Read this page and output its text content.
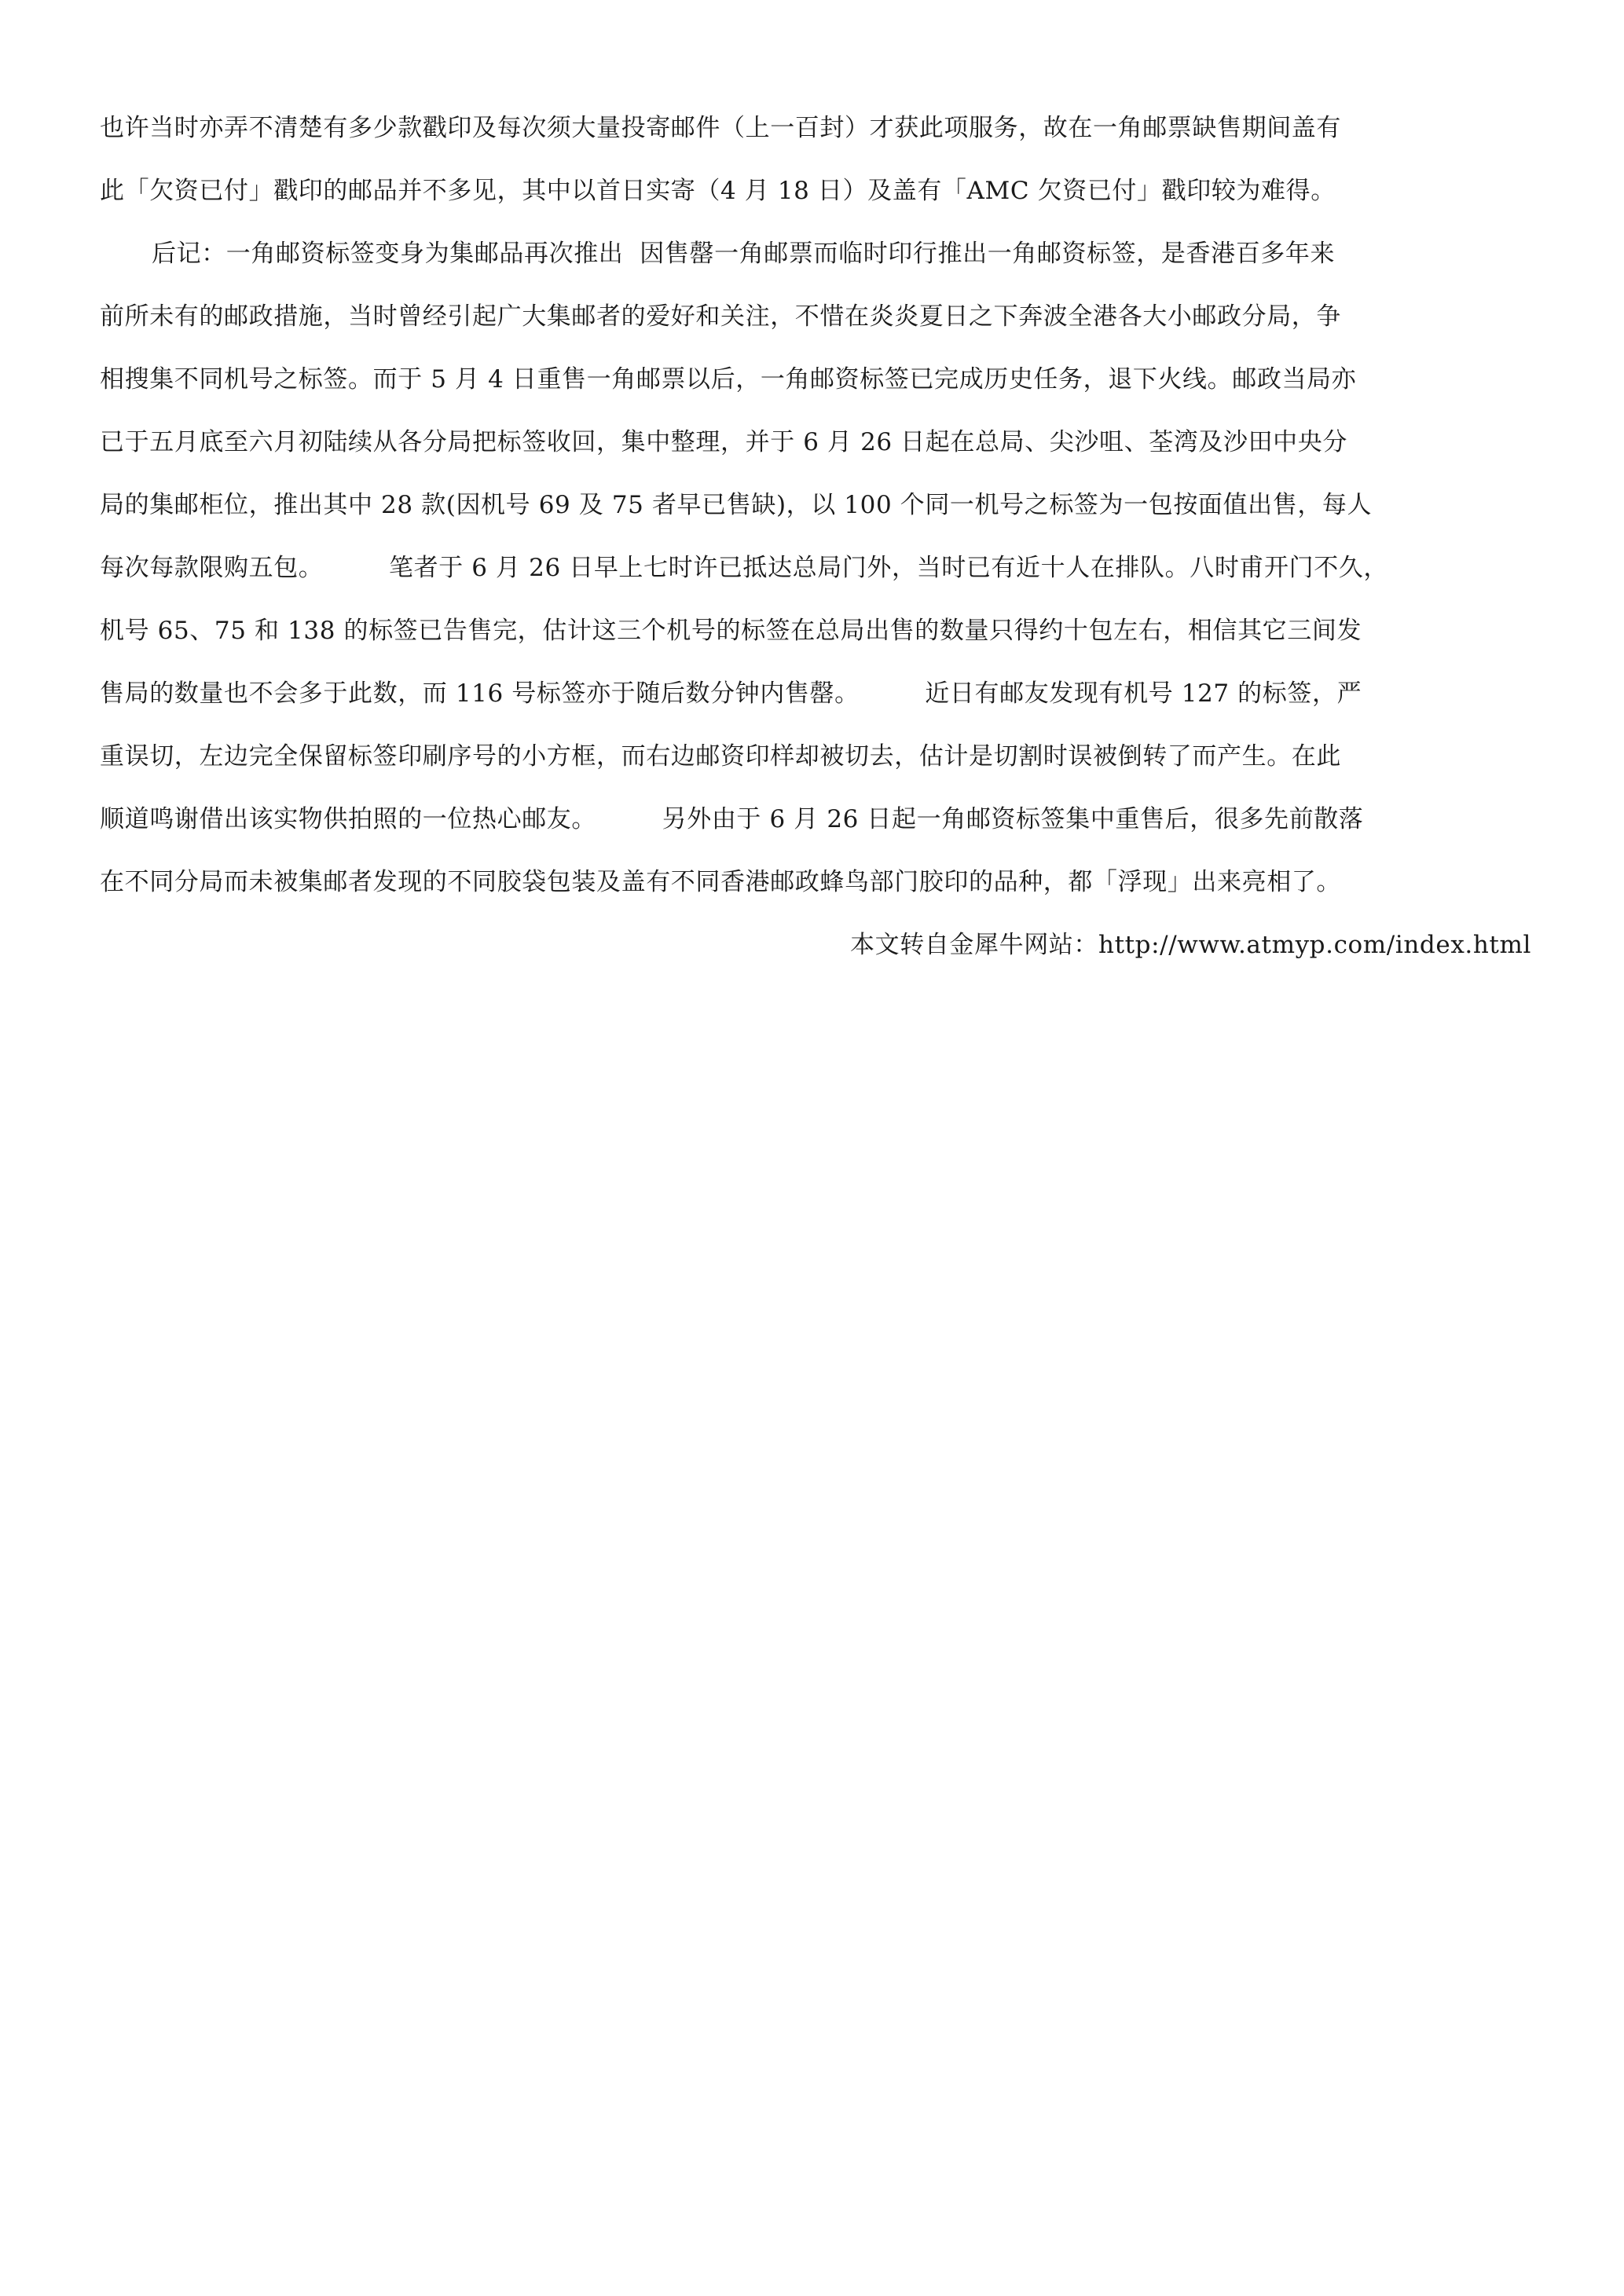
也许当时亦弄不清楚有多少款戳印及每次须大量投寄邮件（上一百封）才获此项服务，故在一角邮票缺售期间盖有
此「欠资已付」戳印的邮品并不多见，其中以首日实寄（4 月 18 日）及盖有「AMC 欠资已付」戳印较为难得。
后记：一角邮资标签变身为集邮品再次推出  因售罄一角邮票而临时印行推出一角邮资标签，是香港百多年来
前所未有的邮政措施，当时曾经引起广大集邮者的爱好和关注，不惜在炎炎夏日之下奔波全港各大小邮政分局，争
相搜集不同机号之标签。而于 5 月 4 日重售一角邮票以后，一角邮资标签已完成历史任务，退下火线。邮政当局亦
已于五月底至六月初陆续从各分局把标签收回，集中整理，并于 6 月 26 日起在总局、尖沙咀、荃湾及沙田中央分
局的集邮柜位，推出其中 28 款(因机号 69 及 75 者早已售缺)，以 100 个同一机号之标签为一包按面值出售，每人
每次每款限购五包。        笔者于 6 月 26 日早上七时许已抵达总局门外，当时已有近十人在排队。八时甫开门不久，
机号 65、75 和 138 的标签已告售完，估计这三个机号的标签在总局出售的数量只得约十包左右，相信其它三间发
售局的数量也不会多于此数，而 116 号标签亦于随后数分钟内售罄。        近日有邮友发现有机号 127 的标签，严
重误切，左边完全保留标签印刷序号的小方框，而右边邮资印样却被切去，估计是切割时误被倒转了而产生。在此
顺道鸣谢借出该实物供拍照的一位热心邮友。        另外由于 6 月 26 日起一角邮资标签集中重售后，很多先前散落
在不同分局而未被集邮者发现的不同胶袋包装及盖有不同香港邮政蜂鸟部门胶印的品种，都「浮现」出来亮相了。
本文转自金犀牛网站：http://www.atmyp.com/index.html
